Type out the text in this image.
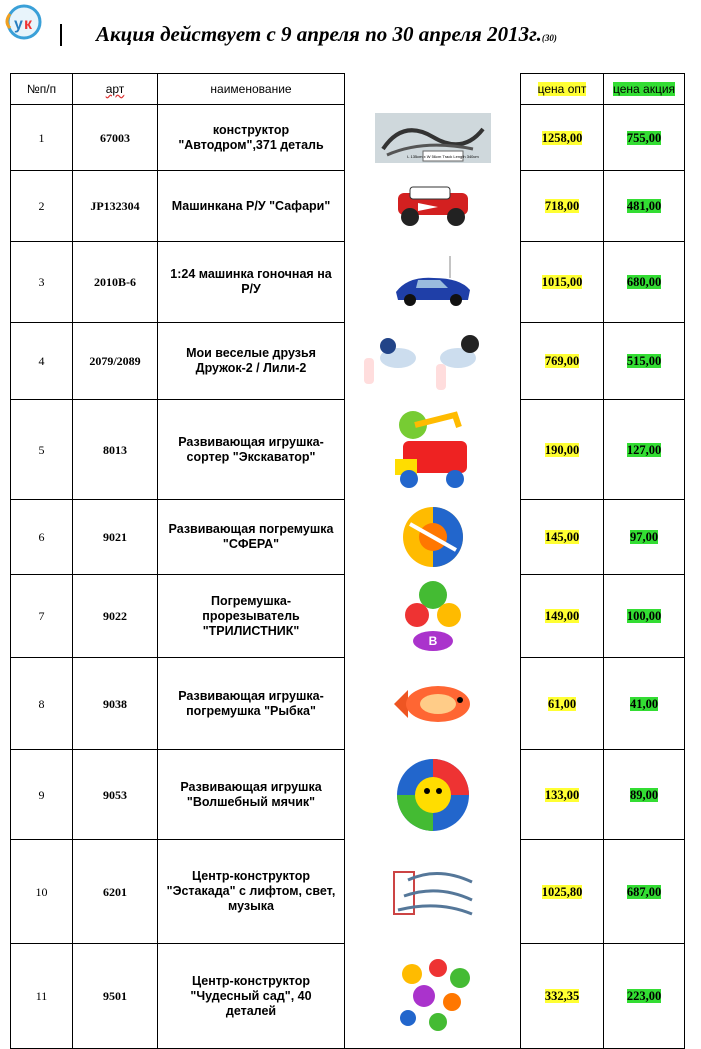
у к	Акция действует с 9 апреля по 30 апреля 2013г.(30)
№п/п	арт	наименование		цена опт	цена акция
1	67003	конструктор "Автодром",371 деталь	L 135cm x W 56cm Track Length 340cm	1258,00	755,00
2	JP132304	Машинкана Р/У "Сафари"		718,00	481,00
3	2010B-6	1:24 машинка гоночная на Р/У		1015,00	680,00
4	2079/2089	Мои веселые друзья Дружок-2 / Лили-2		769,00	515,00
5	8013	Развивающая игрушка-сортер "Экскаватор"		190,00	127,00
6	9021	Развивающая погремушка "СФЕРА"		145,00	97,00
7	9022	Погремушка-прорезыватель "ТРИЛИСТНИК"	B	149,00	100,00
8	9038	Развивающая игрушка-погремушка "Рыбка"		61,00	41,00
9	9053	Развивающая игрушка "Волшебный мячик"		133,00	89,00
10	6201	Центр-конструктор "Эстакада" с лифтом, свет, музыка		1025,80	687,00
11	9501	Центр-конструктор "Чудесный сад", 40 деталей		332,35	223,00
